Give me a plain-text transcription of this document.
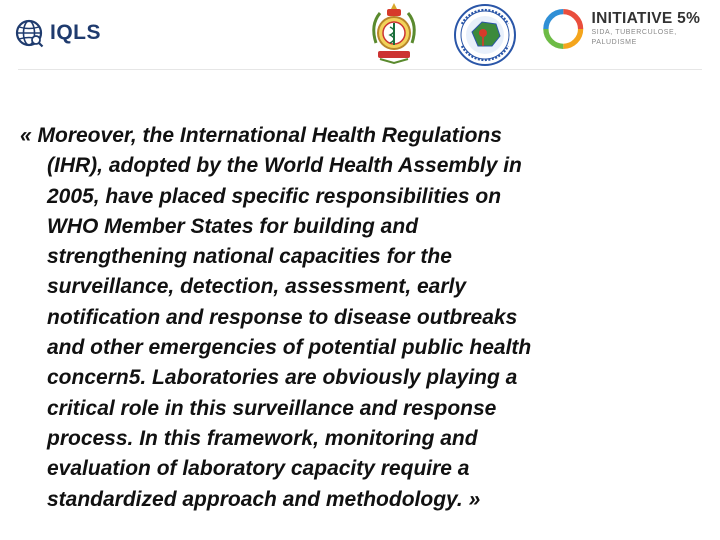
IQLS
INITIATIVE 5%
SIDA, TUBERCULOSE, PALUDISME
« Moreover, the International Health Regulations
(IHR), adopted by the World Health Assembly in
2005, have placed specific responsibilities on
WHO Member States for building and
strengthening national capacities for the
surveillance, detection, assessment, early
notification and response to disease outbreaks
and other emergencies of potential public health
concern5. Laboratories are obviously playing a
critical role in this surveillance and response
process. In this framework, monitoring and
evaluation of laboratory capacity require a
standardized approach and methodology. »
